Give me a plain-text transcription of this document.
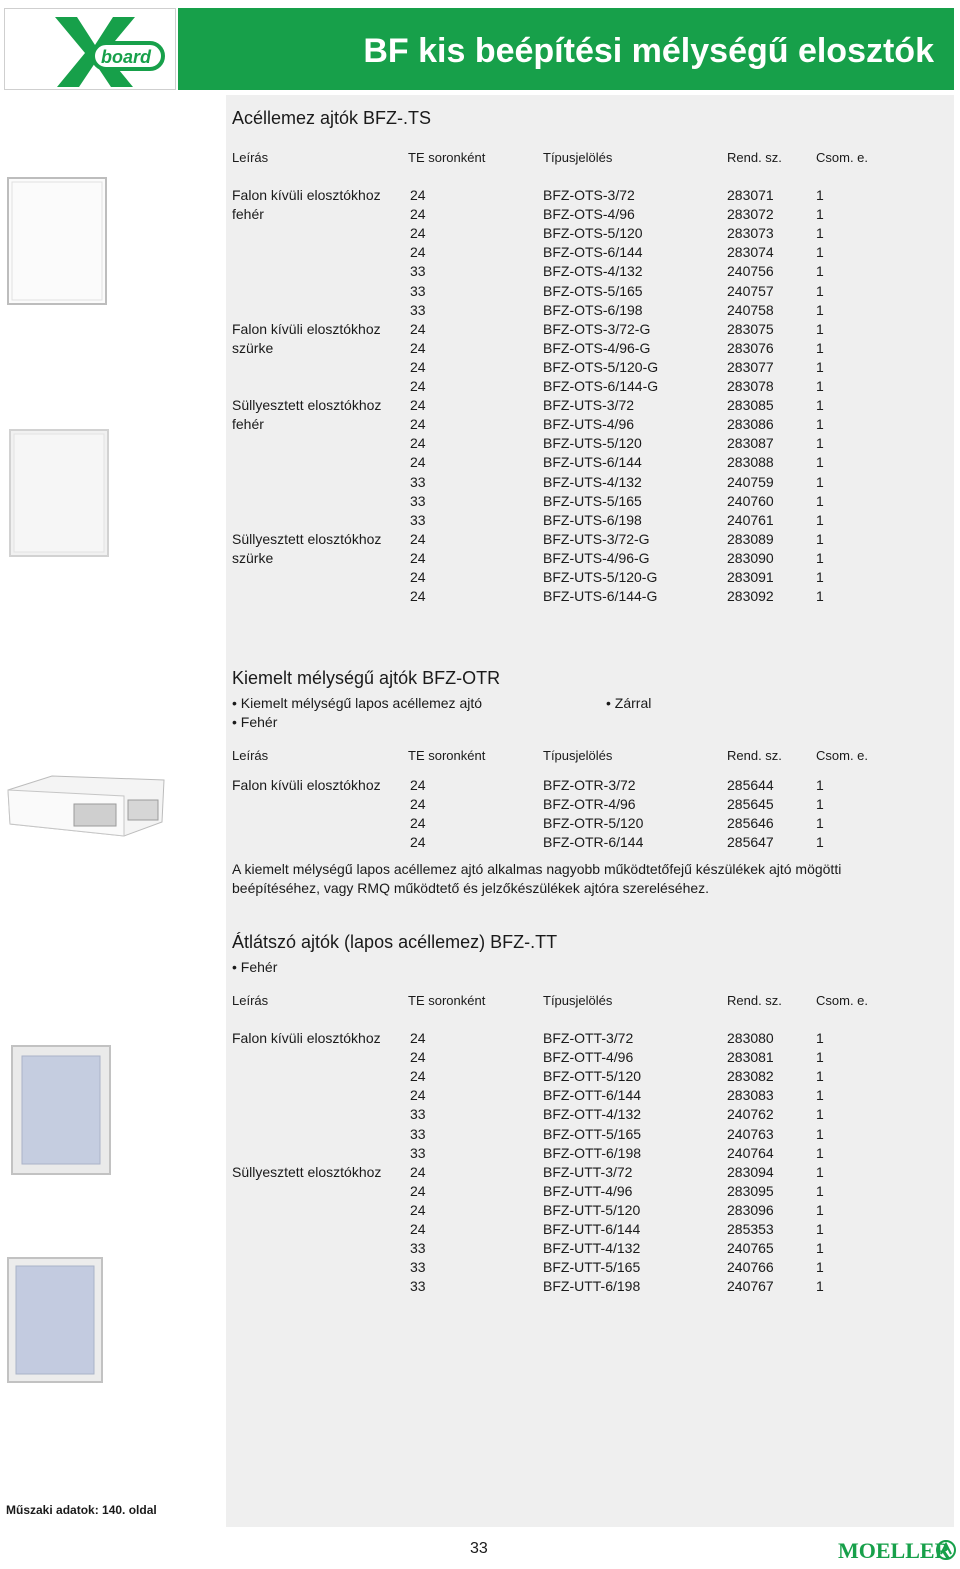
board	BF kis beépítési mélységű elosztók
Acéllemez ajtók BFZ-.TS
Leírás	TE soronként	Típusjelölés	Rend. sz.	Csom. e.
Falon kívüli elosztókhoz 24	BFZ-OTS-3/72	283071	1
fehér	24	BFZ-OTS-4/96	283072	1
24	BFZ-OTS-5/120	283073	1
24	BFZ-OTS-6/144	283074	1
33	BFZ-OTS-4/132	240756	1
33	BFZ-OTS-5/165	240757	1
33	BFZ-OTS-6/198	240758	1
Falon kívüli elosztókhoz 24	BFZ-OTS-3/72-G	283075	1
szürke	24	BFZ-OTS-4/96-G	283076	1
24	BFZ-OTS-5/120-G	283077	1
24	BFZ-OTS-6/144-G	283078	1
Süllyesztett elosztókhoz 24	BFZ-UTS-3/72	283085	1
fehér	24	BFZ-UTS-4/96	283086	1
24	BFZ-UTS-5/120	283087	1
24	BFZ-UTS-6/144	283088	1
33	BFZ-UTS-4/132	240759	1
33	BFZ-UTS-5/165	240760	1
33	BFZ-UTS-6/198	240761	1
Süllyesztett elosztókhoz 24	BFZ-UTS-3/72-G	283089	1
szürke	24	BFZ-UTS-4/96-G	283090	1
24	BFZ-UTS-5/120-G	283091	1
24	BFZ-UTS-6/144-G	283092	1
Kiemelt mélységű ajtók BFZ-OTR
• Kiemelt mélységű lapos acéllemez ajtó
• Fehér
• Zárral
Leírás	TE soronként	Típusjelölés	Rend. sz.	Csom. e.
Falon kívüli elosztókhoz 24	BFZ-OTR-3/72	285644	1
24	BFZ-OTR-4/96	285645	1
24	BFZ-OTR-5/120	285646	1
24	BFZ-OTR-6/144	285647	1
A kiemelt mélységű lapos acéllemez ajtó alkalmas nagyobb működtetőfejű készülékek ajtó mögötti
beépítéséhez, vagy RMQ működtető és jelzőkészülékek ajtóra szereléséhez.
Átlátszó ajtók (lapos acéllemez) BFZ-.TT
• Fehér
Leírás	TE soronként	Típusjelölés	Rend. sz.	Csom. e.
Falon kívüli elosztókhoz 24	BFZ-OTT-3/72	283080	1
24	BFZ-OTT-4/96	283081	1
24	BFZ-OTT-5/120	283082	1
24	BFZ-OTT-6/144	283083	1
33	BFZ-OTT-4/132	240762	1
33	BFZ-OTT-5/165	240763	1
33	BFZ-OTT-6/198	240764	1
Süllyesztett elosztókhoz 24	BFZ-UTT-3/72	283094	1
24	BFZ-UTT-4/96	283095	1
24	BFZ-UTT-5/120	283096	1
24	BFZ-UTT-6/144	285353	1
33	BFZ-UTT-4/132	240765	1
33	BFZ-UTT-5/165	240766	1
33	BFZ-UTT-6/198	240767	1
Műszaki adatok: 140. oldal
33	MOELLER
